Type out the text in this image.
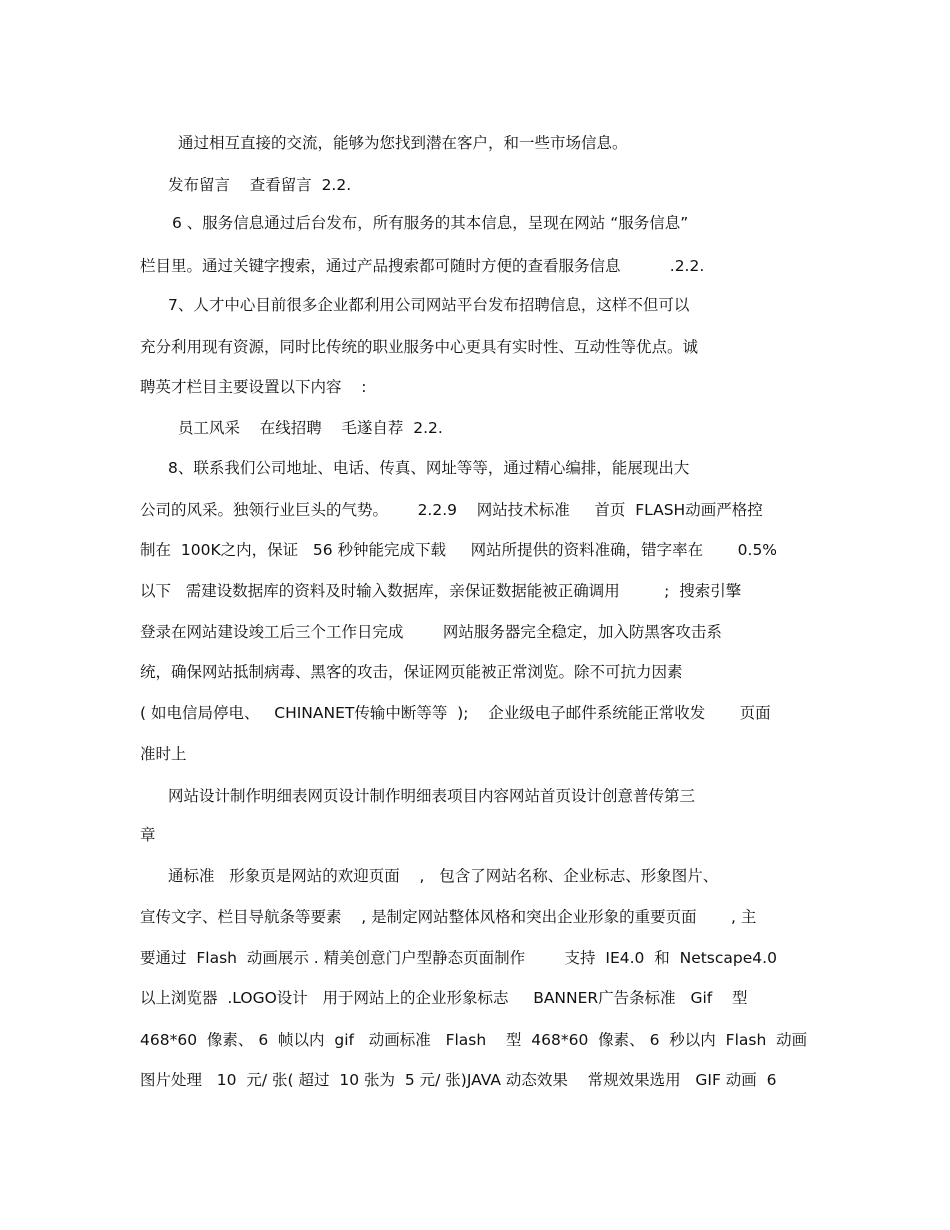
通过相互直接的交流，能够为您找到潜在客户，和一些市场信息。
发布留言    查看留言  2.2.
6 、服务信息通过后台发布，所有服务的其本信息，呈现在网站 “服务信息”
栏目里。通过关键字搜索，通过产品搜索都可随时方便的查看服务信息          .2.2.
7、人才中心目前很多企业都利用公司网站平台发布招聘信息，这样不但可以
充分利用现有资源，同时比传统的职业服务中心更具有实时性、互动性等优点。诚
聘英才栏目主要设置以下内容    :
员工风采    在线招聘    毛遂自荐  2.2.
8、联系我们公司地址、电话、传真、网址等等，通过精心编排，能展现出大
公司的风采。独领行业巨头的气势。      2.2.9    网站技术标准     首页  FLASH动画严格控
制在  100K之内，保证   56 秒钟能完成下载     网站所提供的资料准确，错字率在       0.5%
以下   需建设数据库的资料及时输入数据库，亲保证数据能被正确调用         ;  搜索引擎
登录在网站建设竣工后三个工作日完成        网站服务器完全稳定，加入防黑客攻击系
统，确保网站抵制病毒、黑客的攻击，保证网页能被正常浏览。除不可抗力因素
( 如电信局停电、   CHINANET传输中断等等  );    企业级电子邮件系统能正常收发       页面
准时上
网站设计制作明细表网页设计制作明细表项目内容网站首页设计创意普传第三
章
通标准   形象页是网站的欢迎页面    ,   包含了网站名称、企业标志、形象图片、
宣传文字、栏目导航条等要素    , 是制定网站整体风格和突出企业形象的重要页面       , 主
要通过  Flash  动画展示 . 精美创意门户型静态页面制作        支持  IE4.0  和  Netscape4.0
以上浏览器  .LOGO设计   用于网站上的企业形象标志     BANNER广告条标准   Gif    型
468*60  像素、 6  帧以内  gif   动画标准   Flash    型  468*60  像素、 6  秒以内  Flash  动画
图片处理   10  元/ 张( 超过  10 张为  5 元/ 张)JAVA 动态效果    常规效果选用   GIF 动画  6
